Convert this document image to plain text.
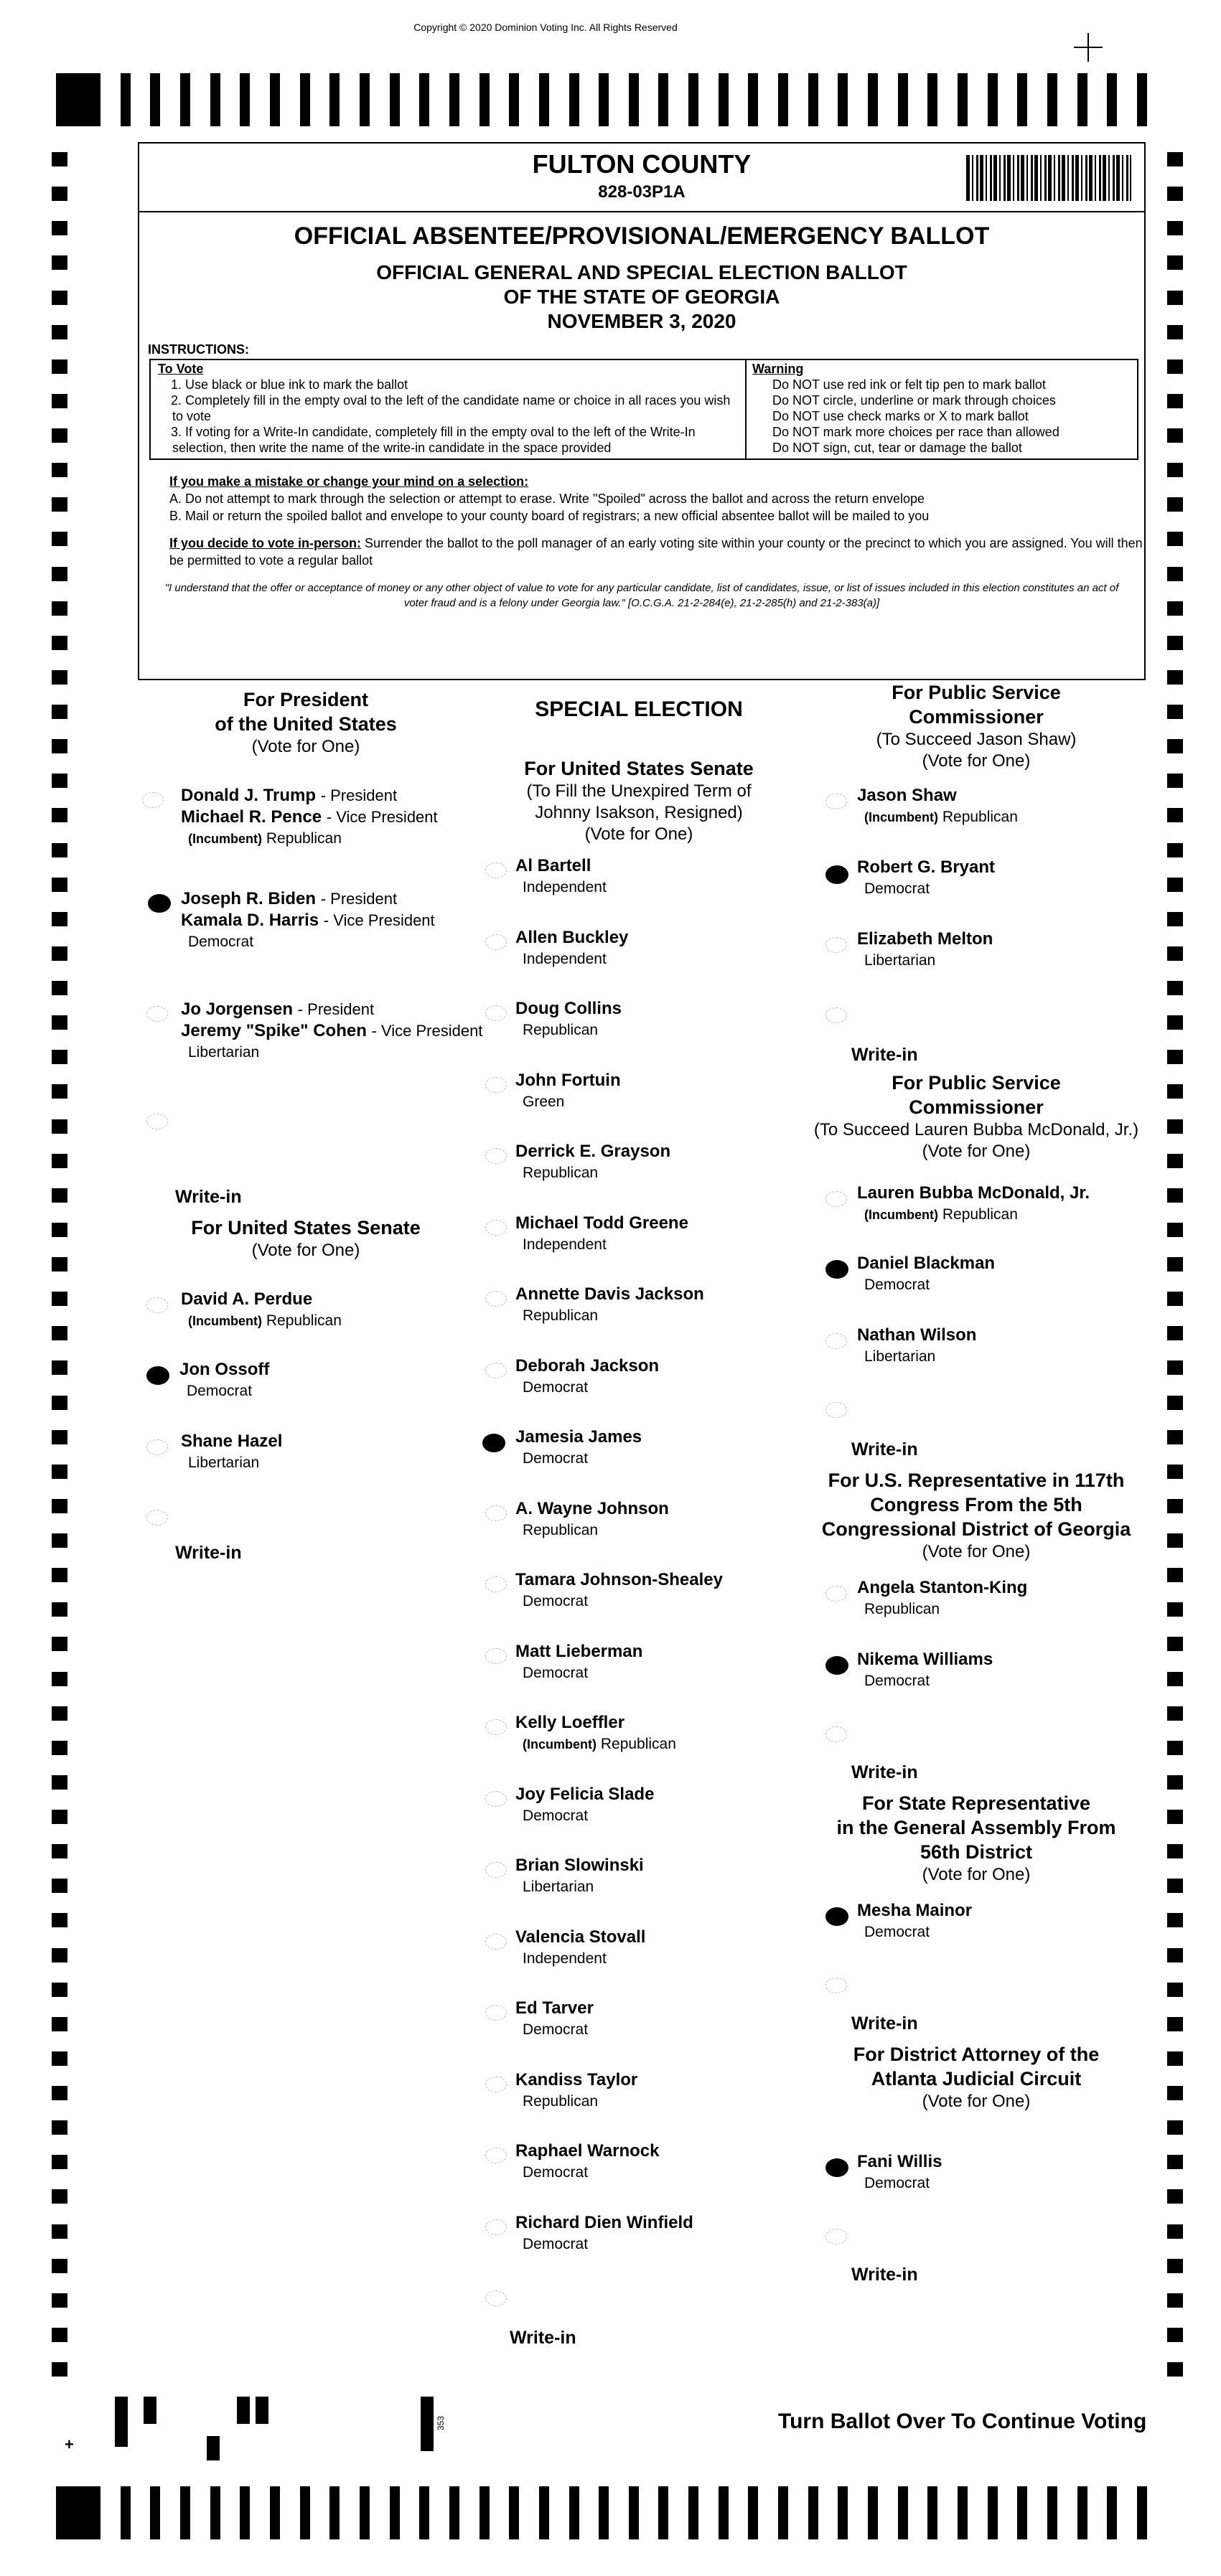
Copyright © 2020 Dominion Voting Inc. All Rights Reserved
FULTON COUNTY
828-03P1A
OFFICIAL ABSENTEE/PROVISIONAL/EMERGENCY BALLOT
OFFICIAL GENERAL AND SPECIAL ELECTION BALLOT
OF THE STATE OF GEORGIA
NOVEMBER 3, 2020
INSTRUCTIONS:
To Vote

1. Use black or blue ink to mark the ballot

2. Completely fill in the empty oval to the left of the candidate name or choice in all races you wish to vote

3. If voting for a Write-In candidate, completely fill in the empty oval to the left of the Write-In selection, then write the name of the write-in candidate in the space provided

Warning

Do NOT use red ink or felt tip pen to mark ballot

Do NOT circle, underline or mark through choices

Do NOT use check marks or X to mark ballot

Do NOT mark more choices per race than allowed

Do NOT sign, cut, tear or damage the ballot

If you make a mistake or change your mind on a selection:
A. Do not attempt to mark through the selection or attempt to erase. Write "Spoiled" across the ballot and across the return envelope
B. Mail or return the spoiled ballot and envelope to your county board of registrars; a new official absentee ballot will be mailed to you
If you decide to vote in-person: Surrender the ballot to the poll manager of an early voting site within your county or the precinct to which you are assigned. You will then be permitted to vote a regular ballot
"I understand that the offer or acceptance of money or any other object of value to vote for any particular candidate, list of candidates, issue, or list of issues included in this election constitutes an act of voter fraud and is a felony under Georgia law." [O.C.G.A. 21-2-284(e), 21-2-285(h) and 21-2-383(a)]
For President
of the United States
(Vote for One)
Donald J. Trump - President
Michael R. Pence - Vice President
(Incumbent) Republican
Joseph R. Biden - President
Kamala D. Harris - Vice President
Democrat
Jo Jorgensen - President
Jeremy "Spike" Cohen - Vice President
Libertarian
Write-in
For United States Senate
(Vote for One)
David A. Perdue
(Incumbent) Republican
Jon Ossoff
Democrat
Shane Hazel
Libertarian
Write-in
SPECIAL ELECTION
For United States Senate
(To Fill the Unexpired Term of
Johnny Isakson, Resigned)
(Vote for One)
Al Bartell
Independent
Allen Buckley
Independent
Doug Collins
Republican
John Fortuin
Green
Derrick E. Grayson
Republican
Michael Todd Greene
Independent
Annette Davis Jackson
Republican
Deborah Jackson
Democrat
Jamesia James
Democrat
A. Wayne Johnson
Republican
Tamara Johnson-Shealey
Democrat
Matt Lieberman
Democrat
Kelly Loeffler
(Incumbent) Republican
Joy Felicia Slade
Democrat
Brian Slowinski
Libertarian
Valencia Stovall
Independent
Ed Tarver
Democrat
Kandiss Taylor
Republican
Raphael Warnock
Democrat
Richard Dien Winfield
Democrat
Write-in
For Public Service
Commissioner
(To Succeed Jason Shaw)
(Vote for One)
Jason Shaw
(Incumbent) Republican
Robert G. Bryant
Democrat
Elizabeth Melton
Libertarian
Write-in
For Public Service
Commissioner
(To Succeed Lauren Bubba McDonald, Jr.)
(Vote for One)
Lauren Bubba McDonald, Jr.
(Incumbent) Republican
Daniel Blackman
Democrat
Nathan Wilson
Libertarian
Write-in
For U.S. Representative in 117th
Congress From the 5th
Congressional District of Georgia
(Vote for One)
Angela Stanton-King
Republican
Nikema Williams
Democrat
Write-in
For State Representative
in the General Assembly From
56th District
(Vote for One)
Mesha Mainor
Democrat
Write-in
For District Attorney of the
Atlanta Judicial Circuit
(Vote for One)
Fani Willis
Democrat
Write-in
+
353	Turn Ballot Over To Continue Voting
